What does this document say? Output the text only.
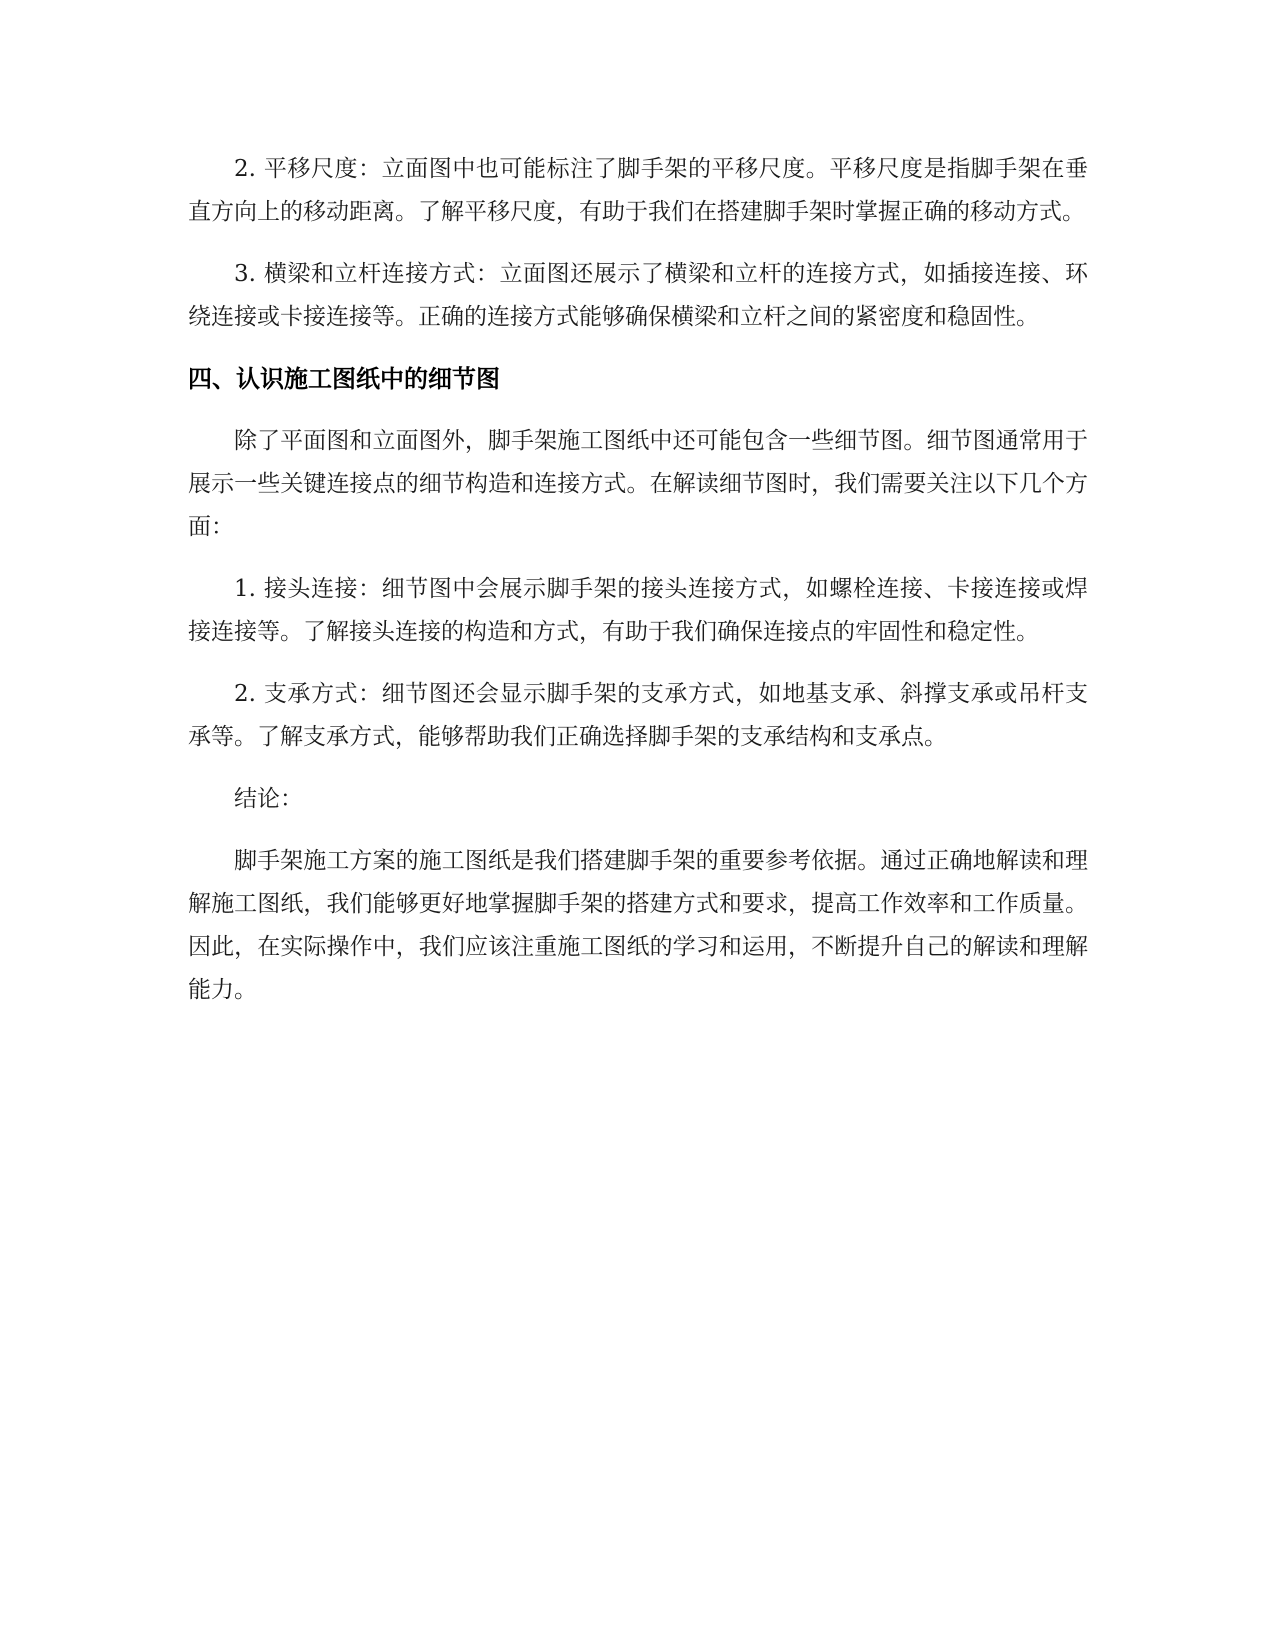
2. 平移尺度：立面图中也可能标注了脚手架的平移尺度。平移尺度是指脚手架在垂直方向上的移动距离。了解平移尺度，有助于我们在搭建脚手架时掌握正确的移动方式。

3. 横梁和立杆连接方式：立面图还展示了横梁和立杆的连接方式，如插接连接、环绕连接或卡接连接等。正确的连接方式能够确保横梁和立杆之间的紧密度和稳固性。

四、认识施工图纸中的细节图

除了平面图和立面图外，脚手架施工图纸中还可能包含一些细节图。细节图通常用于展示一些关键连接点的细节构造和连接方式。在解读细节图时，我们需要关注以下几个方面：

1. 接头连接：细节图中会展示脚手架的接头连接方式，如螺栓连接、卡接连接或焊接连接等。了解接头连接的构造和方式，有助于我们确保连接点的牢固性和稳定性。

2. 支承方式：细节图还会显示脚手架的支承方式，如地基支承、斜撑支承或吊杆支承等。了解支承方式，能够帮助我们正确选择脚手架的支承结构和支承点。

结论：

脚手架施工方案的施工图纸是我们搭建脚手架的重要参考依据。通过正确地解读和理解施工图纸，我们能够更好地掌握脚手架的搭建方式和要求，提高工作效率和工作质量。因此，在实际操作中，我们应该注重施工图纸的学习和运用，不断提升自己的解读和理解能力。
